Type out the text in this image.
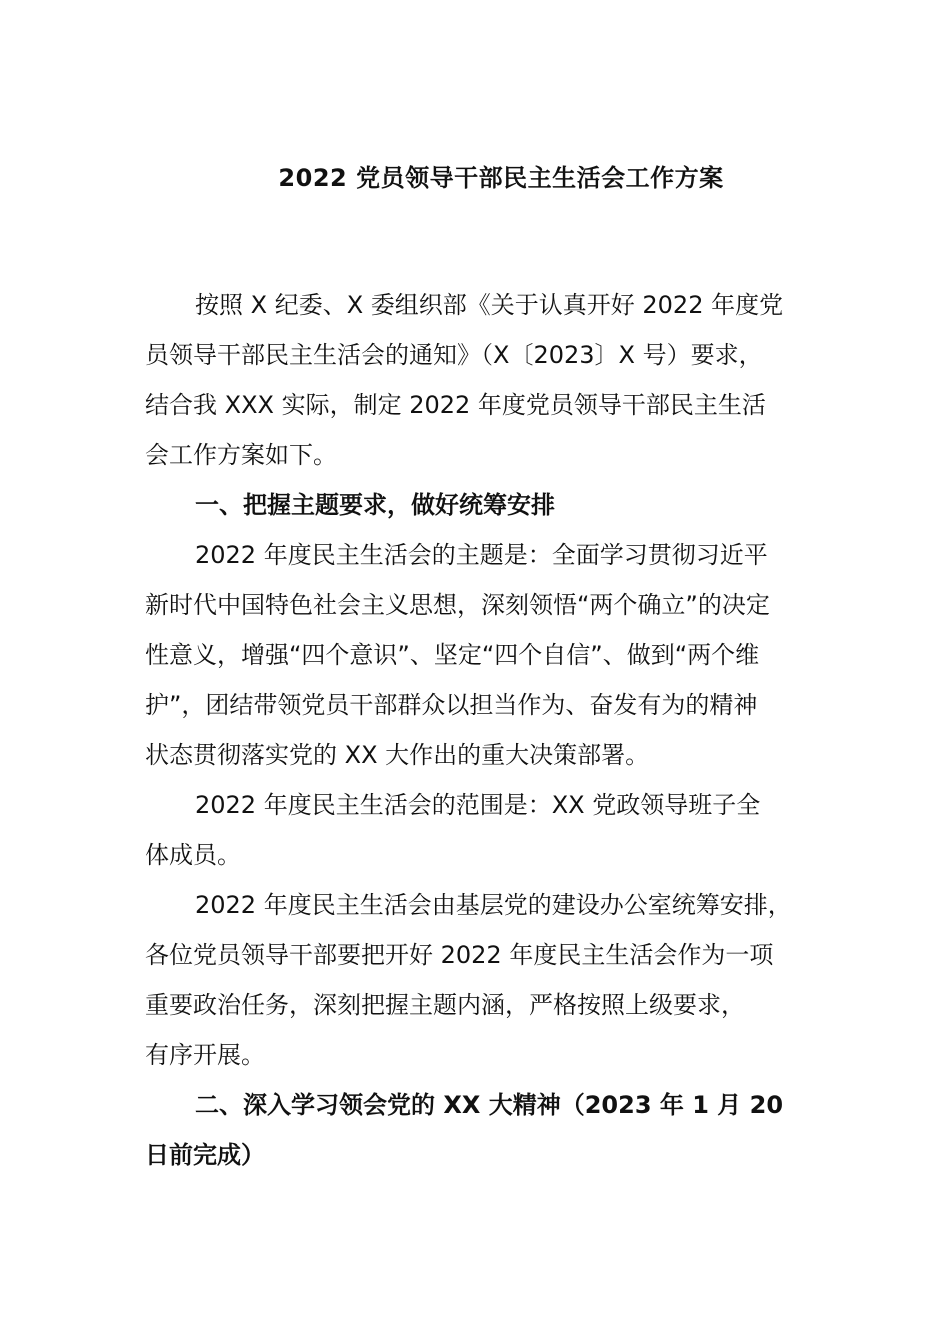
2022 党员领导干部民主生活会工作方案
按照 X 纪委、X 委组织部《关于认真开好 2022 年度党
员领导干部民主生活会的通知》（X〔2023〕X 号）要求，
结合我 XXX 实际，制定 2022 年度党员领导干部民主生活
会工作方案如下。
一、把握主题要求，做好统筹安排
2022 年度民主生活会的主题是：全面学习贯彻习近平
新时代中国特色社会主义思想，深刻领悟“两个确立”的决定
性意义，增强“四个意识”、坚定“四个自信”、做到“两个维
护”，团结带领党员干部群众以担当作为、奋发有为的精神
状态贯彻落实党的 XX 大作出的重大决策部署。
2022 年度民主生活会的范围是：XX 党政领导班子全
体成员。
2022 年度民主生活会由基层党的建设办公室统筹安排，
各位党员领导干部要把开好 2022 年度民主生活会作为一项
重要政治任务，深刻把握主题内涵，严格按照上级要求，
有序开展。
二、深入学习领会党的 XX 大精神（2023 年 1 月 20
日前完成）
